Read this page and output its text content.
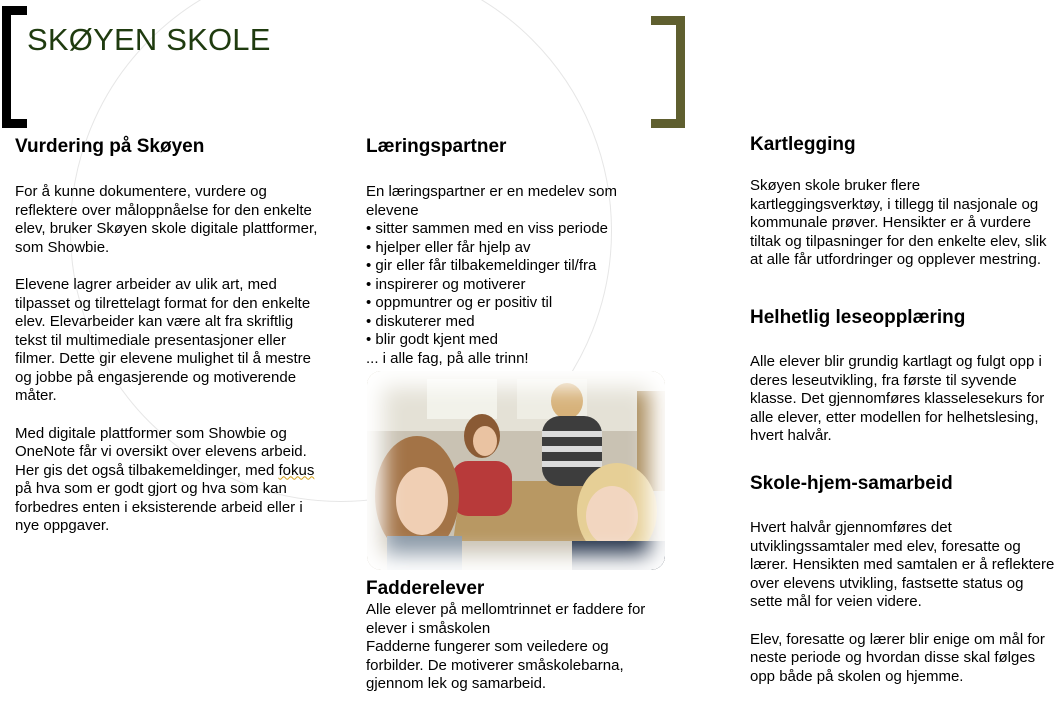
SKØYEN SKOLE
Vurdering på Skøyen

For å kunne dokumentere, vurdere og reflektere over måloppnåelse for den enkelte elev, bruker Skøyen skole digitale plattformer, som Showbie.

Elevene lagrer arbeider av ulik art, med tilpasset og tilrettelagt format for den enkelte elev. Elevarbeider kan være alt fra skriftlig tekst til multimediale presentasjoner eller filmer. Dette gir elevene mulighet til å mestre og jobbe på engasjerende og motiverende måter.

Med digitale plattformer som Showbie og OneNote får vi oversikt over elevens arbeid. Her gis det også tilbakemeldinger, med fokus på hva som er godt gjort og hva som kan forbedres enten i eksisterende arbeid eller i nye oppgaver.

Læringspartner

En læringspartner er en medelev som elevene

• sitter sammen med en viss periode
• hjelper eller får hjelp av
• gir eller får tilbakemeldinger til/fra
• inspirerer og motiverer
• oppmuntrer og er positiv til
• diskuterer med
• blir godt kjent med

... i alle fag, på alle trinn!

Fadderelever

Alle elever på mellomtrinnet er faddere for elever i småskolen

Fadderne fungerer som veiledere og forbilder. De motiverer småskolebarna, gjennom lek og samarbeid.

Kartlegging

Skøyen skole bruker flere kartleggingsverktøy, i tillegg til nasjonale og kommunale prøver. Hensikter er å vurdere tiltak og tilpasninger for den enkelte elev, slik at alle får utfordringer og opplever mestring.

Helhetlig leseopplæring

Alle elever blir grundig kartlagt og fulgt opp i deres leseutvikling, fra første til syvende klasse. Det gjennomføres klasselesekurs for alle elever, etter modellen for helhetslesing, hvert halvår.

Skole-hjem-samarbeid

Hvert halvår gjennomføres det utviklingssamtaler med elev, foresatte og lærer. Hensikten med samtalen er å reflektere over elevens utvikling, fastsette status og sette mål for veien videre.

Elev, foresatte og lærer blir enige om mål for neste periode og hvordan disse skal følges opp både på skolen og hjemme.
